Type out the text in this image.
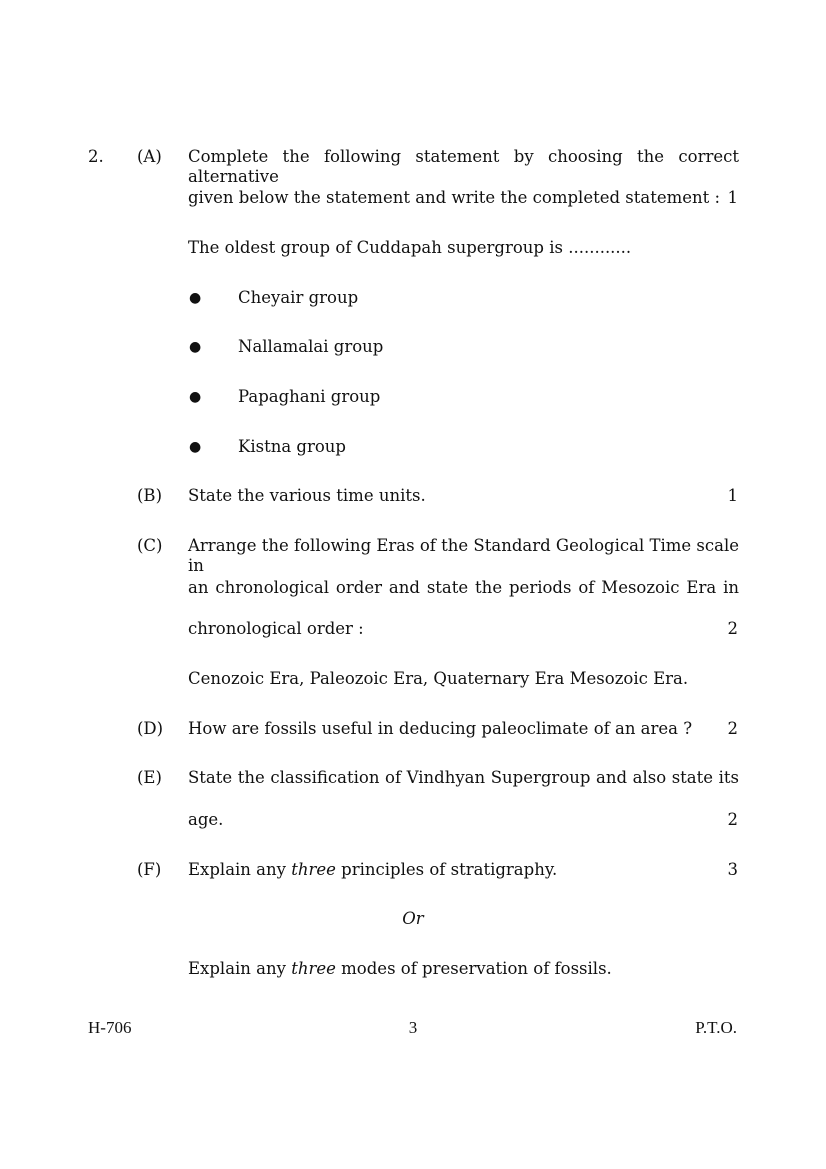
2. (A) Complete the following statement by choosing the correct alternative
given below the statement and write the completed statement : 1
The oldest group of Cuddapah supergroup is ............
● Cheyair group
● Nallamalai group
● Papaghani group
● Kistna group
(B) State the various time units.	1
(C) Arrange the following Eras of the Standard Geological Time scale in
an chronological order and state the periods of Mesozoic Era in
chronological order :	2
Cenozoic Era, Paleozoic Era, Quaternary Era Mesozoic Era.
(D) How are fossils useful in deducing paleoclimate of an area ? 2
(E) State the classification of Vindhyan Supergroup and also state its
age.	2
(F) Explain any three principles of stratigraphy.	3
Or
Explain any three modes of preservation of fossils.
H-706	3	P.T.O.
